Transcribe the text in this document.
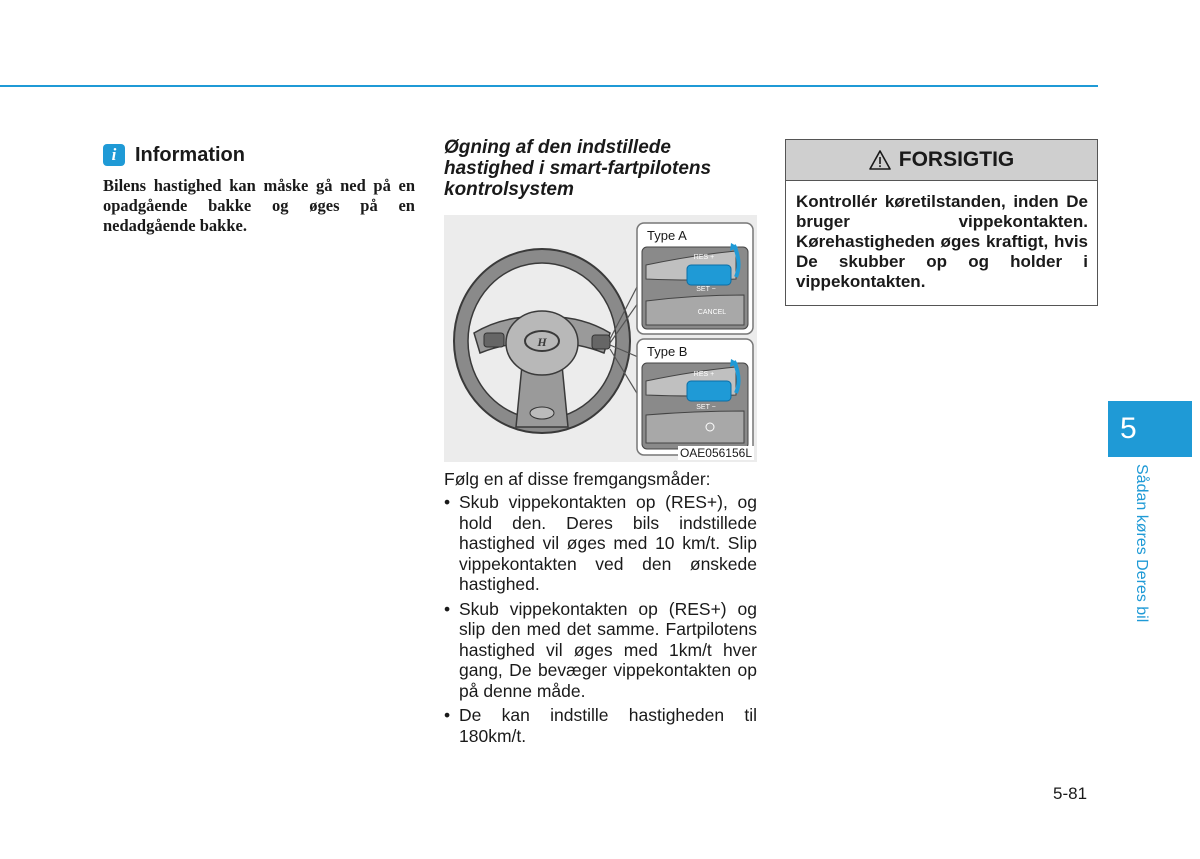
i Information
Bilens hastighed kan måske gå ned på en opadgående bakke og øges på en nedadgående bakke.
Øgning af den indstillede
hastighed i smart-fartpilotens
kontrolsystem
H
RES +
SET −
CANCEL
Type A
RES +
SET −
Type B
OAE056156L
Følg en af disse fremgangsmåder:
• Skub vippekontakten op (RES+), og hold den. Deres bils indstillede hastighed vil øges med 10 km/t. Slip vippekontakten ved den ønskede hastighed.
• Skub vippekontakten op (RES+) og slip den med det samme. Fartpilotens hastighed vil øges med 1km/t hver gang, De bevæger vippekontakten op på denne måde.
• De kan indstille hastigheden til 180km/t.
FORSIGTIG
Kontrollér køretilstanden, inden De bruger vippekontakten. Kørehastigheden øges kraftigt, hvis De skubber op og holder i vippekontakten.
5
Sådan køres Deres bil
5-81
